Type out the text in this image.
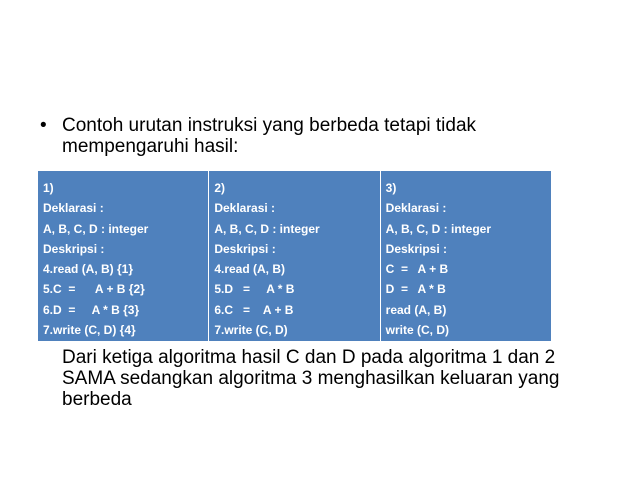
• Contoh urutan instruksi yang berbeda tetapi tidak mempengaruhi hasil:
Dari ketiga algoritma hasil C dan D pada algoritma 1 dan 2 SAMA sedangkan algoritma 3 menghasilkan keluaran yang berbeda
1)
Deklarasi :
A, B, C, D : integer
Deskripsi :
4.read (A, B) {1}
5.C  =      A + B {2}
6.D  =     A * B {3}
7.write (C, D) {4}
2)
Deklarasi :
A, B, C, D : integer
Deskripsi :
4.read (A, B)
5.D   =     A * B
6.C   =    A + B
7.write (C, D)
3)
Deklarasi :
A, B, C, D : integer
Deskripsi :
C  =   A + B
D  =   A * B
read (A, B)
write (C, D)
